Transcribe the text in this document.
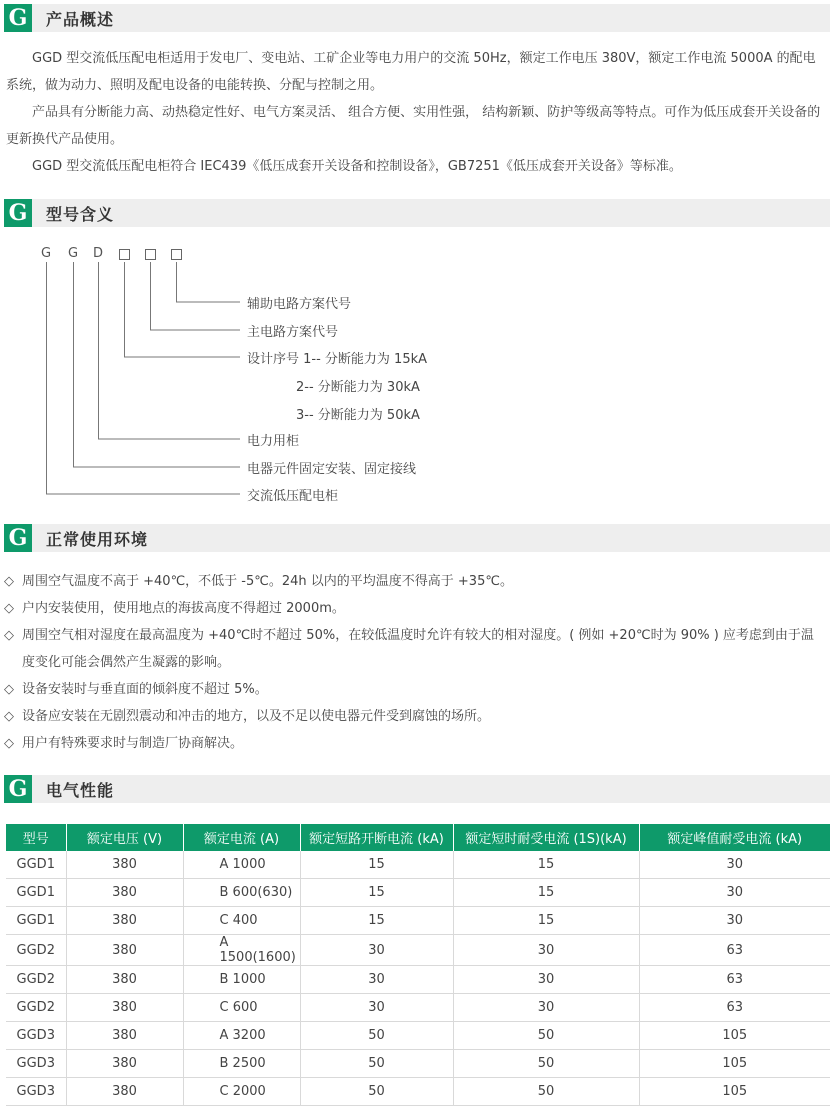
G 产品概述

GGD 型交流低压配电柜适用于发电厂、变电站、工矿企业等电力用户的交流 50Hz，额定工作电压 380V，额定工作电流 5000A 的配电系统，做为动力、照明及配电设备的电能转换、分配与控制之用。

产品具有分断能力高、动热稳定性好、电气方案灵活、 组合方便、实用性强， 结构新颖、防护等级高等特点。可作为低压成套开关设备的更新换代产品使用。

GGD 型交流低压配电柜符合 IEC439《低压成套开关设备和控制设备》，GB7251《低压成套开关设备》等标准。

G 型号含义
G G D
辅助电路方案代号
主电路方案代号
设计序号 1-- 分断能力为 15kA
2-- 分断能力为 30kA
3-- 分断能力为 50kA
电力用柜
电器元件固定安装、固定接线
交流低压配电柜
G 正常使用环境
◇ 周围空气温度不高于 +40℃，不低于 -5℃。24h 以内的平均温度不得高于 +35℃。
◇ 户内安装使用，使用地点的海拔高度不得超过 2000m。
◇ 周围空气相对湿度在最高温度为 +40℃时不超过 50%，在较低温度时允许有较大的相对湿度。( 例如 +20℃时为 90% ) 应考虑到由于温
度变化可能会偶然产生凝露的影响。
◇ 设备安装时与垂直面的倾斜度不超过 5%。
◇ 设备应安装在无剧烈震动和冲击的地方，以及不足以使电器元件受到腐蚀的场所。
◇ 用户有特殊要求时与制造厂协商解决。
G 电气性能
型号	额定电压 (V)	额定电流 (A)	额定短路开断电流 (kA)	额定短时耐受电流 (1S)(kA)	额定峰值耐受电流 (kA)
GGD1	380	A 1000	15	15	30
GGD1	380	B 600(630)	15	15	30
GGD1	380	C 400	15	15	30
GGD2	380	A 1500(1600)	30	30	63
GGD2	380	B 1000	30	30	63
GGD2	380	C 600	30	30	63
GGD3	380	A 3200	50	50	105
GGD3	380	B 2500	50	50	105
GGD3	380	C 2000	50	50	105
